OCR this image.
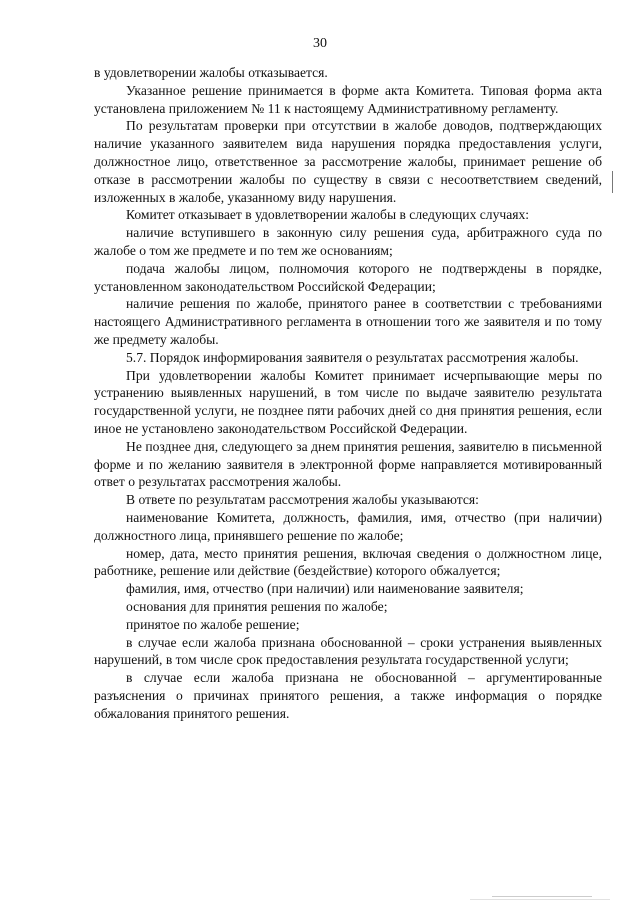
30

в удовлетворении жалобы отказывается.

Указанное решение принимается в форме акта Комитета. Типовая форма акта установлена приложением № 11 к настоящему Административному регламенту.

По результатам проверки при отсутствии в жалобе доводов, подтверждающих наличие указанного заявителем вида нарушения порядка предоставления услуги, должностное лицо, ответственное за рассмотрение жалобы, принимает решение об отказе в рассмотрении жалобы по существу в связи с несоответствием сведений, изложенных в жалобе, указанному виду нарушения.

Комитет отказывает в удовлетворении жалобы в следующих случаях:

наличие вступившего в законную силу решения суда, арбитражного суда по жалобе о том же предмете и по тем же основаниям;

подача жалобы лицом, полномочия которого не подтверждены в порядке, установленном законодательством Российской Федерации;

наличие решения по жалобе, принятого ранее в соответствии с требованиями настоящего Административного регламента в отношении того же заявителя и по тому же предмету жалобы.

5.7. Порядок информирования заявителя о результатах рассмотрения жалобы.

При удовлетворении жалобы Комитет принимает исчерпывающие меры по устранению выявленных нарушений, в том числе по выдаче заявителю результата государственной услуги, не позднее пяти рабочих дней со дня принятия решения, если иное не установлено законодательством Российской Федерации.

Не позднее дня, следующего за днем принятия решения, заявителю в письменной форме и по желанию заявителя в электронной форме направляется мотивированный ответ о результатах рассмотрения жалобы.

В ответе по результатам рассмотрения жалобы указываются:

наименование Комитета, должность, фамилия, имя, отчество (при наличии) должностного лица, принявшего решение по жалобе;

номер, дата, место принятия решения, включая сведения о должностном лице, работнике, решение или действие (бездействие) которого обжалуется;

фамилия, имя, отчество (при наличии) или наименование заявителя;

основания для принятия решения по жалобе;

принятое по жалобе решение;

в случае если жалоба признана обоснованной – сроки устранения выявленных нарушений, в том числе срок предоставления результата государственной услуги;

в случае если жалоба признана не обоснованной – аргументированные разъяснения о причинах принятого решения, а также информация о порядке обжалования принятого решения.
